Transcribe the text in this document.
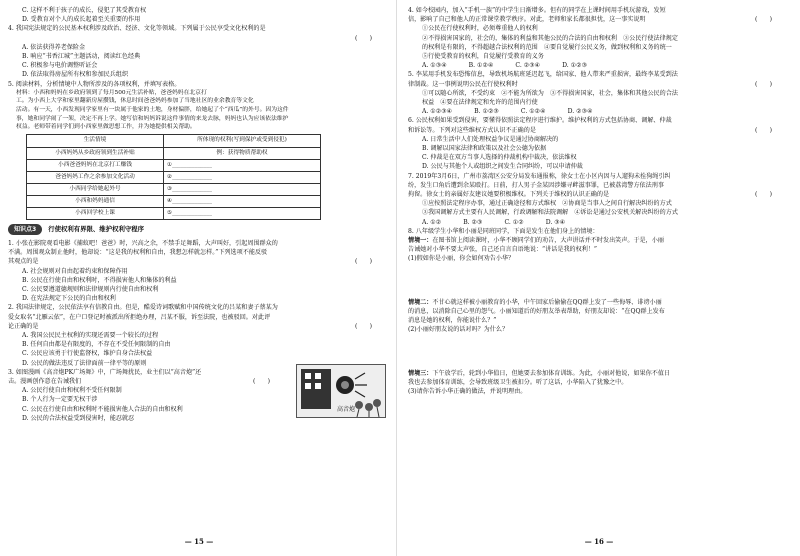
C. 这样不利于孩子的成长，侵犯了其受教育权

D. 受教育对个人的成长起着至关重要的作用

4. 我国宪法规定的公民基本权利涉及政治、经济、文化等领域。下列属于公民享受文化权利的是

(　　)

A. 依法获得养老保险金

B. 响应“书香江城”主题活动，阅读红色经典

C. 积极参与电价调整听证会

D. 依法取得房屋所有权和参加民兵组织

5. 阅读材料，分析情境中人物所涉及的各项权利，并填写表格。

材料：小西和妈妈在乡政府领到了每月500元生活补贴，爸爸妈妈在北京打

工。为小西上大学和家里翻新房屋攒钱，休息时间爸爸妈妈参加了当地社区的业余教育等文化

活动。有一天，小西发现同学家里有一块属于他家的土地，身材偏胖，给她起了个“西瓜”的外号。因为这件

事，她和同学闹了一架，决定不再上学。她写信和妈妈诉说这件事情的来龙去脉，妈妈也认为应该依法维护

权益。老师带着同学们到小西家里做思想工作，并为她提供相关帮助。

生活情境	所体现的权利(写到保护或受到侵犯)
小西妈妈从乡政府领到生活补贴	例：获得物质帮助权
小西爸爸妈妈在北京打工赚钱	①______________
爸爸妈妈工作之余参加文化活动	②______________
小西同学给她起外号	③______________
小西和妈妈通信	④______________
小西回学校上课	⑤______________
知识点3	行使权利有界限、维护权利守程序

1. 小张在影院观看电影《捕蚊吧！爸爸》时，兴高之余，不禁手足舞蹈，大声叫好，引起周围群众的

不满。周围观众制止他时，他却说：“这是我的权利和自由，我想怎样就怎样。”下列选项不能反驳

其观点的是	(　　)

A. 社会规则对自由起着约束和保障作用

B. 公民在行使自由和权利时，不得损害他人和集体的利益

C. 公民要遵道德规则和法律规则内行使自由和权利

D. 在宪法规定下公民的自由和权利

2. 我国法律规定，公民依法享有信教自由。但是，酷爱诗词歌赋和中国传统文化的吕某和妻子蔡某为

爱女取名“北雁云依”，在户口登记时被派出所拒绝办理，吕某不服，诉至法院，也被驳回。对此评

论正确的是	(　　)

A. 我国公民民主权利的实现还需要一个较长的过程

B. 任何自由都是有限度的，不存在不受任何限制的自由

C. 公民应该勇于行使监督权，维护自身合法权益

D. 公民的做法违反了法律面前一律平等的原则

3. 如图漫画《高音炮PK广场舞》中，广场舞扰民，业主们以“高音炮”还

击。漫画创作意在告诫我们	(　　)

A. 公民行使自由和权利不受任何限制

B. 个人行为一定要无权干涉

C. 公民在行使自由和权利时不能损害他人合法的自由和权利

D. 公民的合法权益受到侵害时，能忍就忍

高音炮
— 15 —

4. 如今校园内，加入“手机一族”的中学生日渐增多。但有的同学在上课时间用手机玩游戏，发短

信，影响了自己和他人的正常课堂教学秩序。对此，老师和家长都很担忧，这一事实说明	(　　)

①公民在行使权利时，必须尊重他人的权利

②不得损害国家的，社会的，集体的利益和其他公民的合法的自由和权利　③公民行使法律规定

的权利是有限的，不得超越合法权利的范围　④要自觉履行公民义务，做到权利和义务的统一

⑤行使受教育的权利，自觉履行受教育的义务

A. ①③④	B. ①②④	C. ②③④	D. ①②③

5. 李某用手机发布恐怖信息，导致机场航班延迟起飞，给国家、他人带来严重损害，最终李某受到法

律制裁。这一事例说明公民在行使权利时	(　　)

①可以随心所欲，不受约束　②不能为所欲为　③不得损害国家，社会，集体和其他公民的合法

权益　④要在法律规定和允许的范围内行使

A. ①②③④	B. ①②③	C. ①②④	D. ②③④

6. 公民权利如果受到侵害，要懂得依照法定程序进行维护。维护权利的方式包括协商、调解、仲裁

和诉讼等。下列对这些维权方式认识不正确的是	(　　)

A. 日常生活中人们处理权益争议是通过协商解决的

B. 调解以国家法律和政策以及社会公德为依据

C. 仲裁是在双方当事人选择的仲裁机构中裁决，依法维权

D. 公民与其他个人或组织之间发生合同纠纷，可以申请仲裁

7. 2019年3月6日，广州市荔湾区公安分局发布通报称，徐女士在小区内因与人遛狗未拴狗绳引纠

纷，发生口角后遭到余某殴打。日前，打人男子金某因涉嫌寻衅滋事罪，已被荔湾警方依法刑事

拘留。徐女士的亲属好友建议她要积极维权。下列关于维权的认识正确的是	(　　)

①应按照法定程序办事，通过正确途径和方式维权　②协商是当事人之间自行解决纠纷的方式

③我国调解方式主要有人民调解，行政调解和法院调解　④诉讼是通过公安机关解决纠纷的方式

A. ①②	B. ②③	C. ①②	D. ③④

8. 八年级学生小华和小丽是同班同学，下面是发生在他们身上的情境：

情境一：在图书馆上阅读课时，小华不顾同学们的劝告，大声讲话并不时发出笑声。于是，小丽

告诫她对小华不要太声张，自己还自言自语地说：“讲话是我的权利！”

(1)假如你是小丽，你会如何劝告小华？

情境二：不甘心就这样被小丽教育的小华，中午回家后偷偷在QQ群上发了一些侮辱、诽谤小丽

的消息，以消除自己心里的怨气。小丽知道后的好朋友举表帮助，好朋友却说：“在QQ群上发布

消息是她的权利，你能说什么？”

(2)小丽好朋友说的话对吗？为什么？

情境三：下午放学后，轮到小华值日，但她要去参加体育训练。为此，小丽对他说，如果你不值日

我也去参加体育训练，会导致班级卫生被扣分。听了这话，小华陷入了犹豫之中。

(3)请你告诉小华正确的做法，并说明理由。

— 16 —
